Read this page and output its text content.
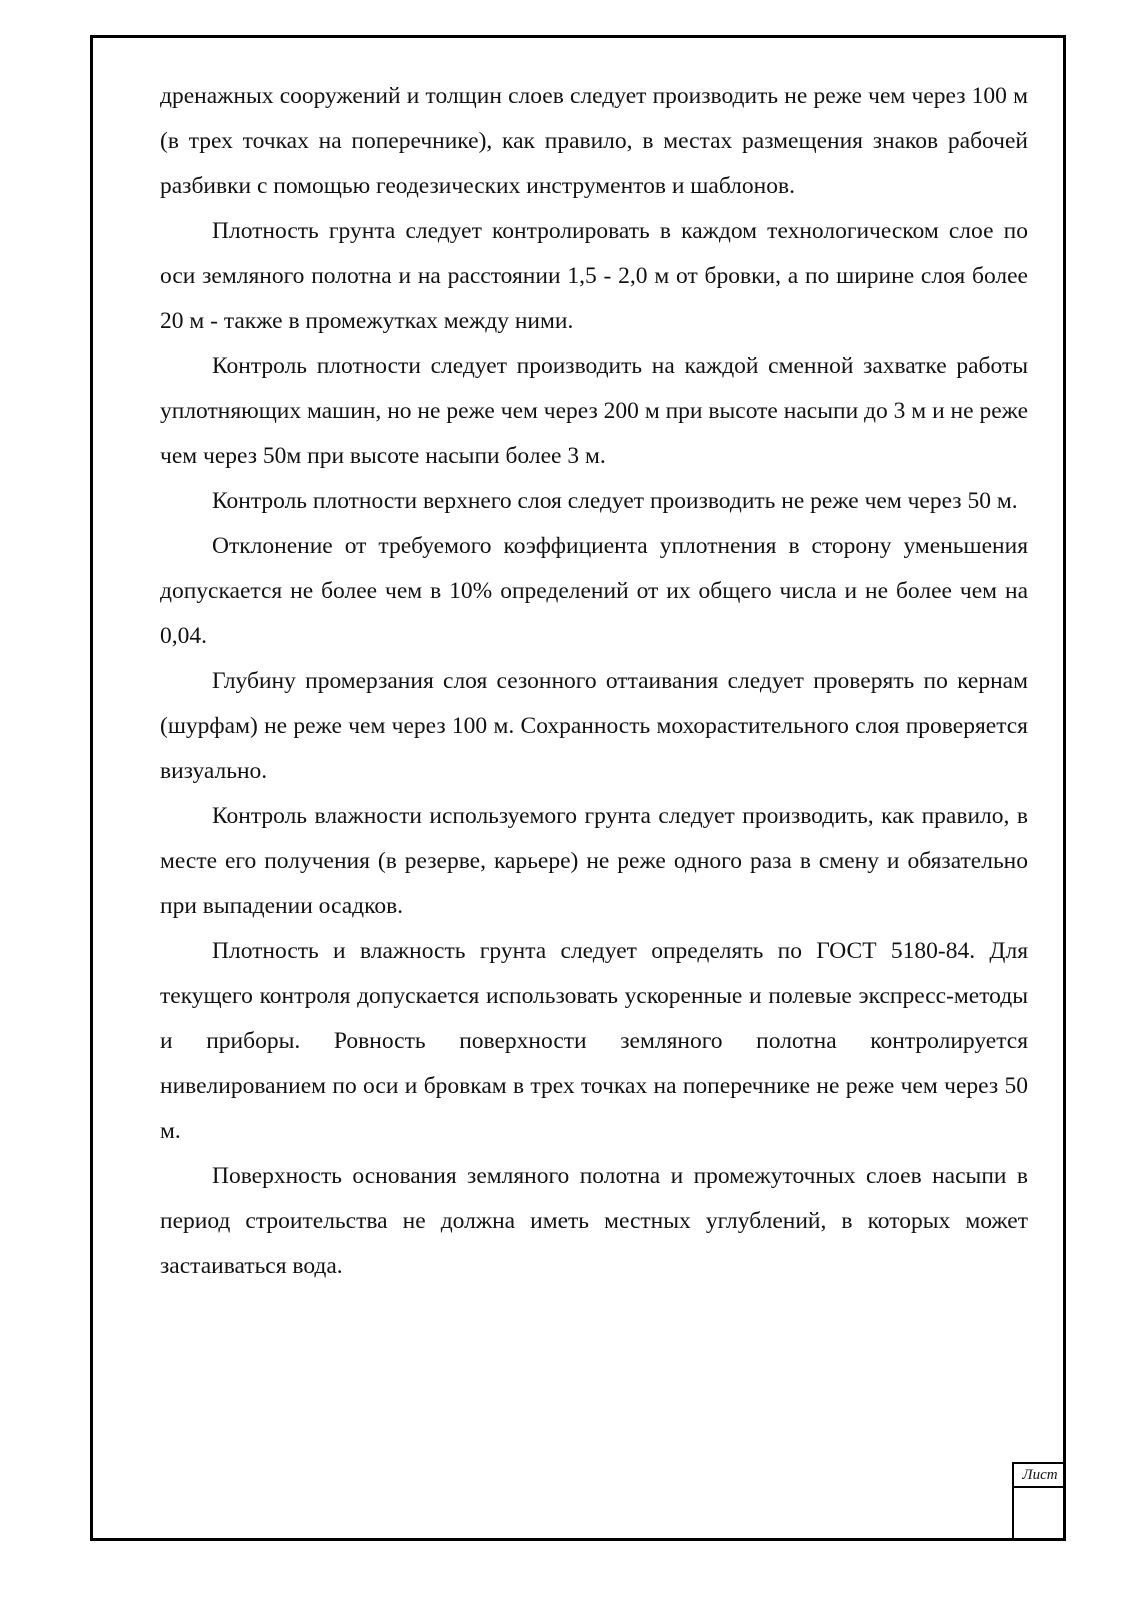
дренажных сооружений и толщин слоев следует производить не реже чем через 100 м (в трех точках на поперечнике), как правило, в местах размещения знаков рабочей разбивки с помощью геодезических инструментов и шаблонов.

Плотность грунта следует контролировать в каждом технологическом слое по оси земляного полотна и на расстоянии 1,5 - 2,0 м от бровки, а по ширине слоя более 20 м - также в промежутках между ними.

Контроль плотности следует производить на каждой сменной захватке работы уплотняющих машин, но не реже чем через 200 м при высоте насыпи до 3 м и не реже чем через 50м при высоте насыпи более 3 м.

Контроль плотности верхнего слоя следует производить не реже чем через 50 м.

Отклонение от требуемого коэффициента уплотнения в сторону уменьшения допускается не более чем в 10% определений от их общего числа и не более чем на 0,04.

Глубину промерзания слоя сезонного оттаивания следует проверять по кернам (шурфам) не реже чем через 100 м. Сохранность мохорастительного слоя проверяется визуально.

Контроль влажности используемого грунта следует производить, как правило, в месте его получения (в резерве, карьере) не реже одного раза в смену и обязательно при выпадении осадков.

Плотность и влажность грунта следует определять по ГОСТ 5180-84. Для текущего контроля допускается использовать ускоренные и полевые экспресс-методы и приборы. Ровность поверхности земляного полотна контролируется нивелированием по оси и бровкам в трех точках на поперечнике не реже чем через 50 м.

Поверхность основания земляного полотна и промежуточных слоев насыпи в период строительства не должна иметь местных углублений, в которых может застаиваться вода.

Лист
